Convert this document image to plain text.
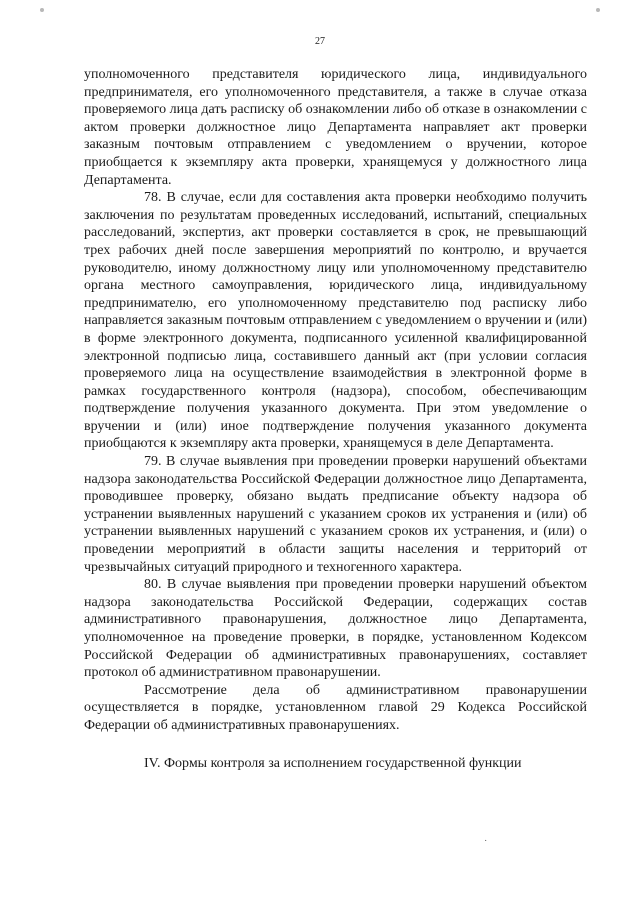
27

уполномоченного представителя юридического лица, индивидуального предпринимателя, его уполномоченного представителя, а также в случае отказа проверяемого лица дать расписку об ознакомлении либо об отказе в ознакомлении с актом проверки должностное лицо Департамента направляет акт проверки заказным почтовым отправлением с уведомлением о вручении, которое приобщается к экземпляру акта проверки, хранящемуся у должностного лица Департамента.

78. В случае, если для составления акта проверки необходимо получить заключения по результатам проведенных исследований, испытаний, специальных расследований, экспертиз, акт проверки составляется в срок, не превышающий трех рабочих дней после завершения мероприятий по контролю, и вручается руководителю, иному должностному лицу или уполномоченному представителю органа местного самоуправления, юридического лица, индивидуальному предпринимателю, его уполномоченному представителю под расписку либо направляется заказным почтовым отправлением с уведомлением о вручении и (или) в форме электронного документа, подписанного усиленной квалифицированной электронной подписью лица, составившего данный акт (при условии согласия проверяемого лица на осуществление взаимодействия в электронной форме в рамках государственного контроля (надзора), способом, обеспечивающим подтверждение получения указанного документа. При этом уведомление о вручении и (или) иное подтверждение получения указанного документа приобщаются к экземпляру акта проверки, хранящемуся в деле Департамента.

79. В случае выявления при проведении проверки нарушений объектами надзора законодательства Российской Федерации должностное лицо Департамента, проводившее проверку, обязано выдать предписание объекту надзора об устранении выявленных нарушений с указанием сроков их устранения и (или) об устранении выявленных нарушений с указанием сроков их устранения, и (или) о проведении мероприятий в области защиты населения и территорий от чрезвычайных ситуаций природного и техногенного характера.

80. В случае выявления при проведении проверки нарушений объектом надзора законодательства Российской Федерации, содержащих состав административного правонарушения, должностное лицо Департамента, уполномоченное на проведение проверки, в порядке, установленном Кодексом Российской Федерации об административных правонарушениях, составляет протокол об административном правонарушении.

Рассмотрение дела об административном правонарушении осуществляется в порядке, установленном главой 29 Кодекса Российской Федерации об административных правонарушениях.

IV. Формы контроля за исполнением государственной функции

˙
